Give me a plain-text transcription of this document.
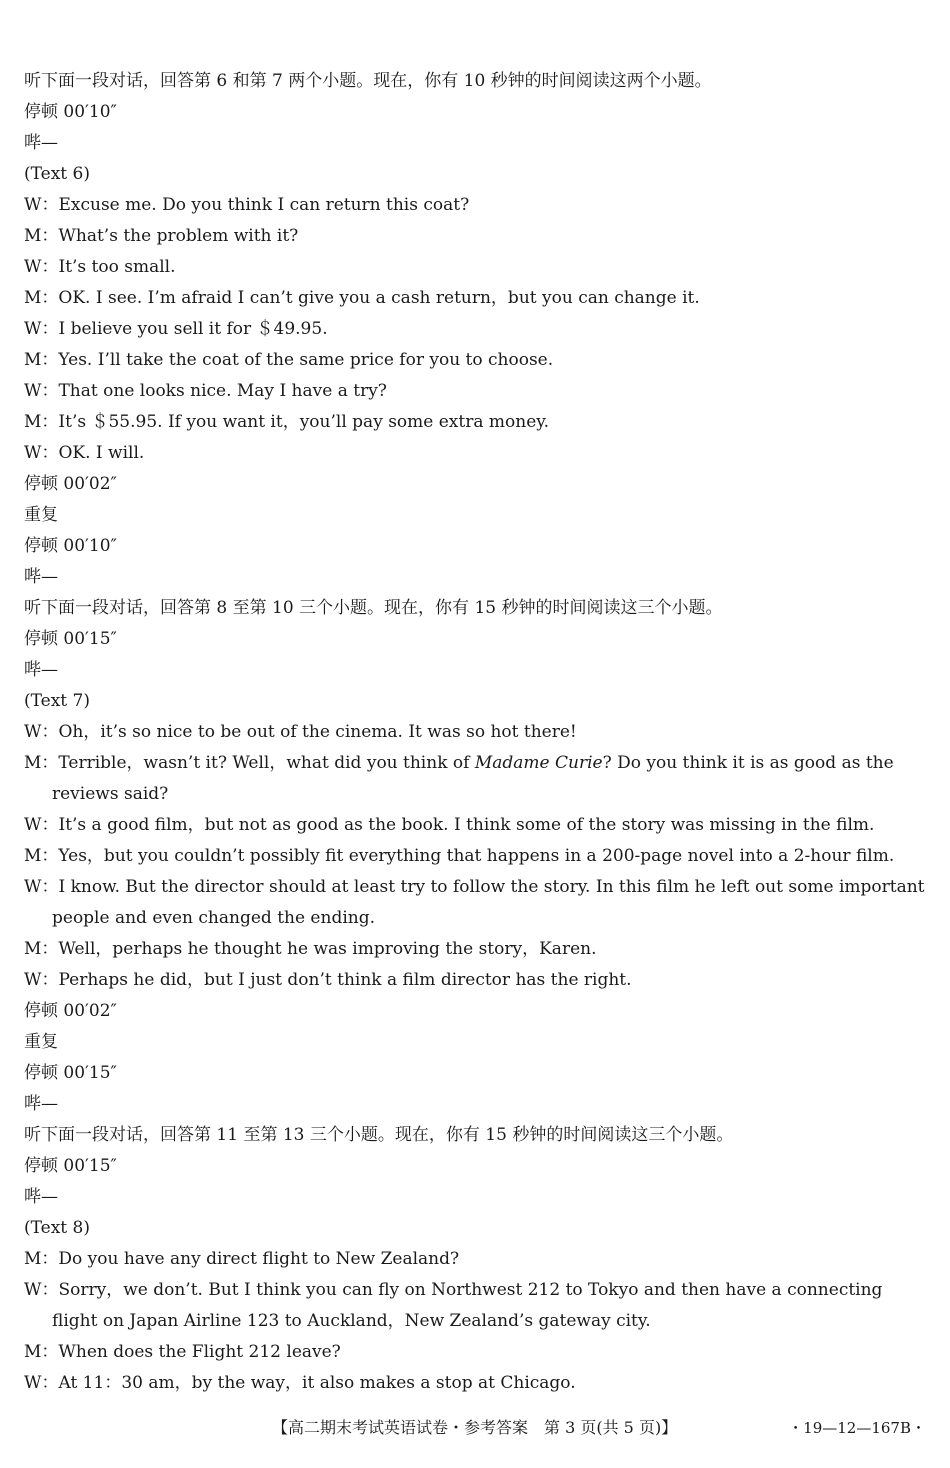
听下面一段对话，回答第 6 和第 7 两个小题。现在，你有 10 秒钟的时间阅读这两个小题。
停顿 00′10″
哔—
(Text 6)
W：Excuse me. Do you think I can return this coat?
M：What’s the problem with it?
W：It’s too small.
M：OK. I see. I’m afraid I can’t give you a cash return，but you can change it.
W：I believe you sell it for ＄49.95.
M：Yes. I’ll take the coat of the same price for you to choose.
W：That one looks nice. May I have a try?
M：It’s ＄55.95. If you want it，you’ll pay some extra money.
W：OK. I will.
停顿 00′02″
重复
停顿 00′10″
哔—
听下面一段对话，回答第 8 至第 10 三个小题。现在，你有 15 秒钟的时间阅读这三个小题。
停顿 00′15″
哔—
(Text 7)
W：Oh，it’s so nice to be out of the cinema. It was so hot there!
M：Terrible，wasn’t it? Well，what did you think of Madame Curie? Do you think it is as good as the reviews said?
W：It’s a good film，but not as good as the book. I think some of the story was missing in the film.
M：Yes，but you couldn’t possibly fit everything that happens in a 200-page novel into a 2-hour film.
W：I know. But the director should at least try to follow the story. In this film he left out some important people and even changed the ending.
M：Well，perhaps he thought he was improving the story，Karen.
W：Perhaps he did，but I just don’t think a film director has the right.
停顿 00′02″
重复
停顿 00′15″
哔—
听下面一段对话，回答第 11 至第 13 三个小题。现在，你有 15 秒钟的时间阅读这三个小题。
停顿 00′15″
哔—
(Text 8)
M：Do you have any direct flight to New Zealand?
W：Sorry，we don’t. But I think you can fly on Northwest 212 to Tokyo and then have a connecting flight on Japan Airline 123 to Auckland，New Zealand’s gateway city.
M：When does the Flight 212 leave?
W：At 11：30 am，by the way，it also makes a stop at Chicago.
【高二期末考试英语试卷・参考答案　第 3 页(共 5 页)】	・19—12—167B・
